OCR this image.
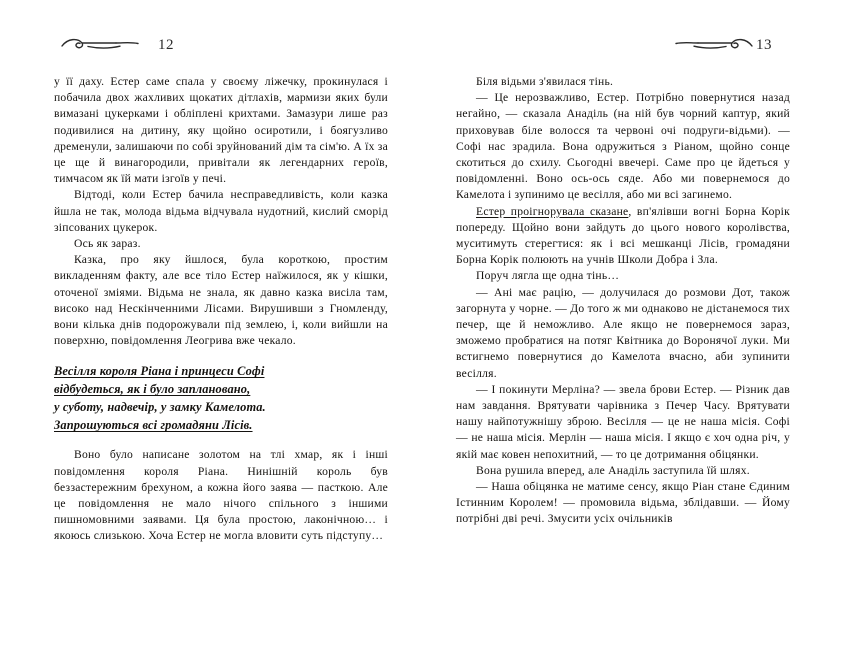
12

у її даху. Естер саме спала у своєму ліжечку, прокинулася і побачила двох жахливих щокатих дітлахів, мармизи яких були вимазані цукерками і обліплені крихтами. Замазури лише раз подивилися на дитину, яку щойно осиротили, і боягузливо дременули, залишаючи по собі зруйнований дім та сім'ю. А їх за це ще й винагородили, привітали як легендарних героїв, тимчасом як їй мати ізгоїв у печі.

Відтоді, коли Естер бачила несправедливість, коли казка йшла не так, молода відьма відчувала нудотний, кислий сморід зіпсованих цукерок.

Ось як зараз.

Казка, про яку йшлося, була короткою, простим викладенням факту, але все тіло Естер наїжилося, як у кішки, оточеної зміями. Відьма не знала, як давно казка висіла там, високо над Нескінченними Лісами. Вирушивши з Гномленду, вони кілька днів подорожували під землею, і, коли вийшли на поверхню, повідомлення Леогрива вже чекало.

Весілля короля Ріана і принцеси Софі
відбудеться, як і було заплановано,
у суботу, надвечір, у замку Камелота.
Запрошуються всі громадяни Лісів.

Воно було написане золотом на тлі хмар, як і інші повідомлення короля Ріана. Нинішній король був беззастережним брехуном, а кожна його заява — пасткою. Але це повідомлення не мало нічого спільного з іншими пишномовними заявами. Ця була простою, лаконічною… і якоюсь слизькою. Хоча Естер не могла вловити суть підступу…

13

Біля відьми з'явилася тінь.

— Це нерозважливо, Естер. Потрібно повернутися назад негайно, — сказала Анаділь (на ній був чорний каптур, який приховував біле волосся та червоні очі подруги-відьми). — Софі нас зрадила. Вона одружиться з Ріаном, щойно сонце скотиться до схилу. Сьогодні ввечері. Саме про це йдеться у повідомленні. Воно ось-ось сяде. Або ми повернемося до Камелота і зупинимо це весілля, або ми всі загинемо.

Естер проігнорувала сказане, вп'ялівши вогні Борна Корік попереду. Щойно вони зайдуть до цього нового королівства, муситимуть стерегтися: як і всі мешканці Лісів, громадяни Борна Корік полюють на учнів Школи Добра і Зла.

Поруч лягла ще одна тінь…

— Ані має рацію, — долучилася до розмови Дот, також загорнута у чорне. — До того ж ми однаково не дістанемося тих печер, ще й неможливо. Але якщо не повернемося зараз, зможемо пробратися на потяг Квітника до Воронячої луки. Ми встигнемо повернутися до Камелота вчасно, аби зупинити весілля.

— І покинути Мерліна? — звела брови Естер. — Різник дав нам завдання. Врятувати чарівника з Печер Часу. Врятувати нашу найпотужнішу зброю. Весілля — це не наша місія. Софі — не наша місія. Мерлін — наша місія. І якщо є хоч одна річ, у якій має ковен непохитний, — то це дотримання обіцянки.

Вона рушила вперед, але Анаділь заступила їй шлях.

— Наша обіцянка не матиме сенсу, якщо Ріан стане Єдиним Істинним Королем! — промовила відьма, зблідавши. — Йому потрібні дві речі. Змусити усіх очільників
